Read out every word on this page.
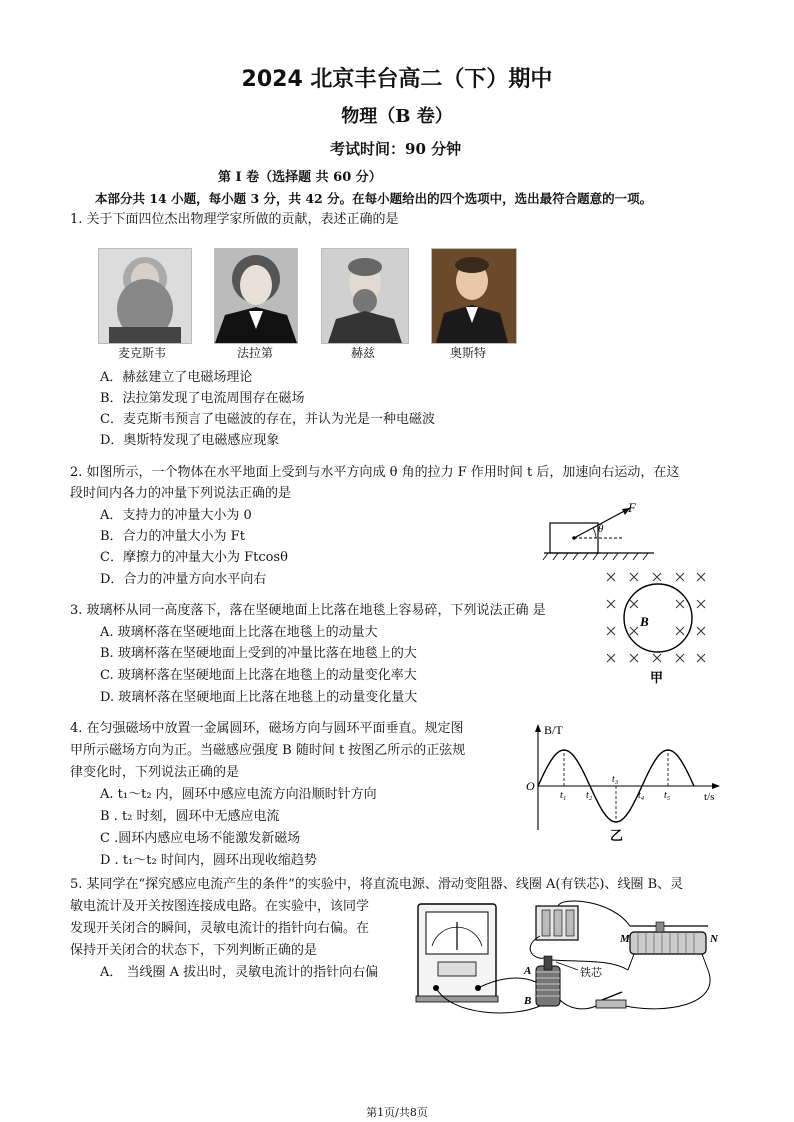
2024 北京丰台高二（下）期中
物理（B 卷）
考试时间：90 分钟
第 I 卷（选择题 共 60 分）
本部分共 14 小题，每小题 3 分，共 42 分。在每小题给出的四个选项中，选出最符合题意的一项。
1. 关于下面四位杰出物理学家所做的贡献，表述正确的是
麦克斯韦	法拉第	赫兹	奥斯特
A．赫兹建立了电磁场理论
B．法拉第发现了电流周围存在磁场
C．麦克斯韦预言了电磁波的存在，并认为光是一种电磁波
D．奥斯特发现了电磁感应现象
2. 如图所示，一个物体在水平地面上受到与水平方向成 θ 角的拉力 F 作用时间 t 后，加速向右运动，在这
段时间内各力的冲量下列说法正确的是
A．支持力的冲量大小为 0
B．合力的冲量大小为 Ft
C．摩擦力的冲量大小为 Ftcosθ
D．合力的冲量方向水平向右
F
θ
3. 玻璃杯从同一高度落下，落在坚硬地面上比落在地毯上容易碎，下列说法正确 是
A. 玻璃杯落在坚硬地面上比落在地毯上的动量大
B. 玻璃杯落在坚硬地面上受到的冲量比落在地毯上的大
C. 玻璃杯落在坚硬地面上比落在地毯上的动量变化率大
D. 玻璃杯落在坚硬地面上比落在地毯上的动量变化量大
B
甲
4. 在匀强磁场中放置一金属圆环，磁场方向与圆环平面垂直。规定图
甲所示磁场方向为正。当磁感应强度 B 随时间 t 按图乙所示的正弦规
律变化时，下列说法正确的是
A. t₁～t₂ 内，圆环中感应电流方向沿顺时针方向
B . t₂ 时刻，圆环中无感应电流
C .圆环内感应电场不能激发新磁场
D . t₁～t₂ 时间内，圆环出现收缩趋势
B/T
t/s
O
t₁ t₂
t₃
t₄ t₅
乙
5. 某同学在“探究感应电流产生的条件”的实验中，将直流电源、滑动变阻器、线圈 A(有铁芯)、线圈 B、灵
敏电流计及开关按图连接成电路。在实验中，该同学
发现开关闭合的瞬间，灵敏电流计的指针向右偏。在
保持开关闭合的状态下，下列判断正确的是
A． 当线圈 A 拔出时，灵敏电流计的指针向右偏
M	N
铁芯
A
B
第1页/共8页
